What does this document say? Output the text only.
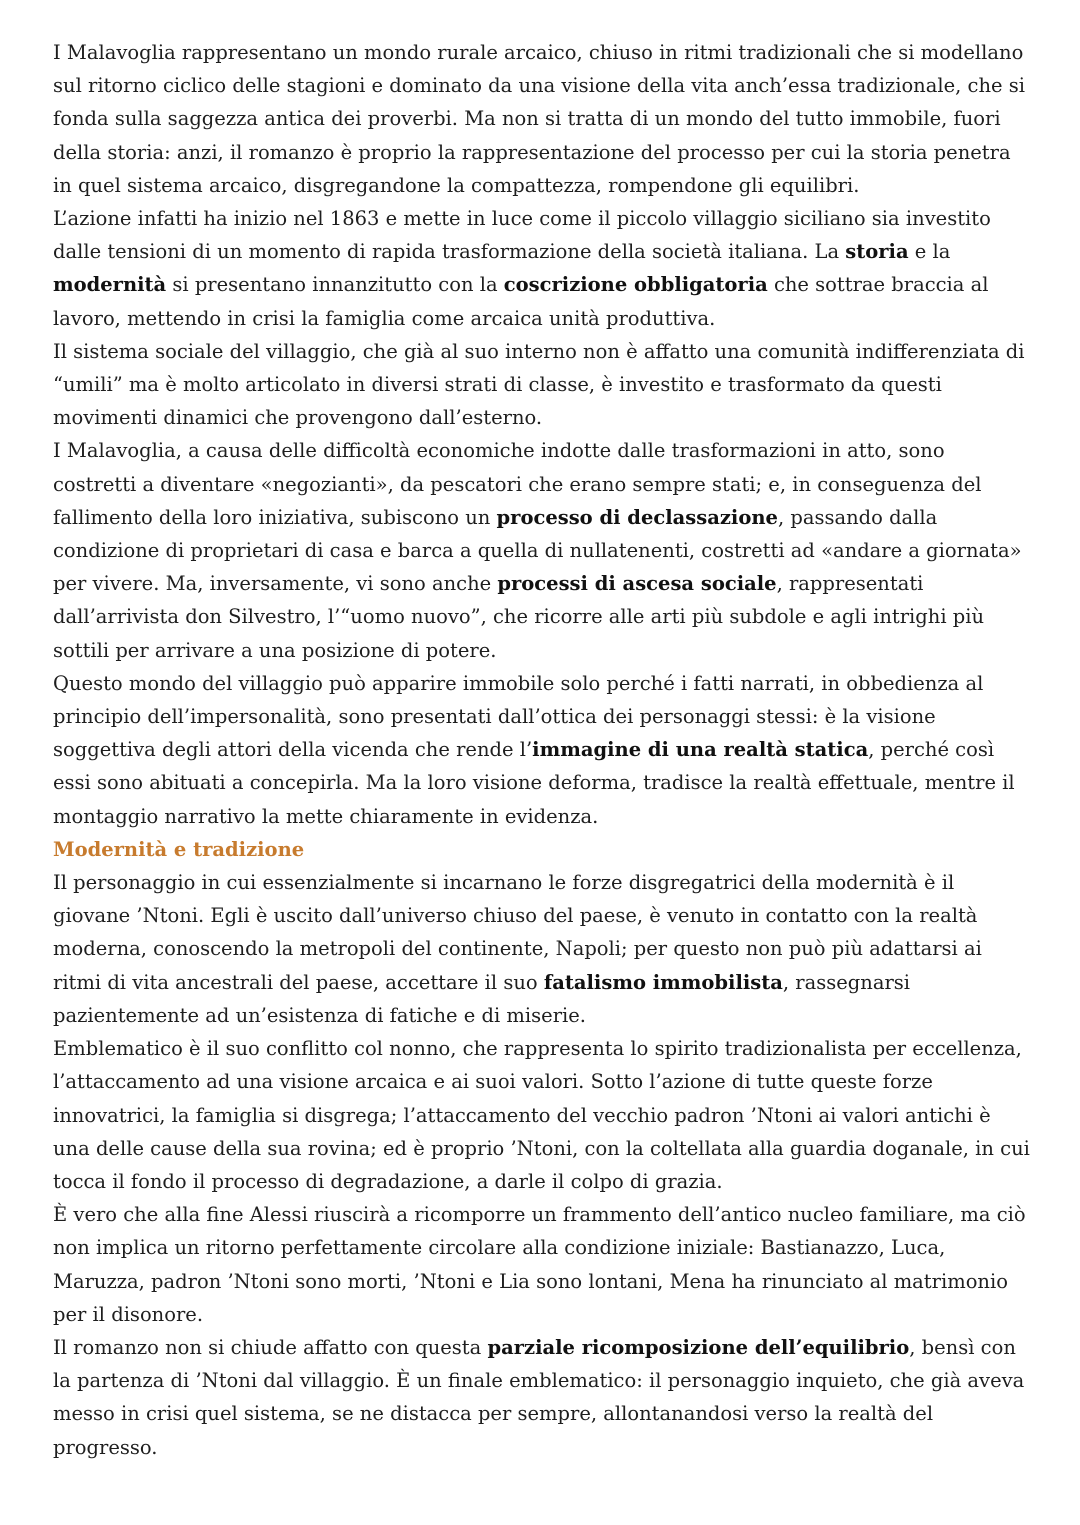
I Malavoglia rappresentano un mondo rurale arcaico, chiuso in ritmi tradizionali che si modellano sul ritorno ciclico delle stagioni e dominato da una visione della vita anch’essa tradizionale, che si fonda sulla saggezza antica dei proverbi. Ma non si tratta di un mondo del tutto immobile, fuori della storia: anzi, il romanzo è proprio la rappresentazione del processo per cui la storia penetra in quel sistema arcaico, disgregandone la compattezza, rompendone gli equilibri.

L’azione infatti ha inizio nel 1863 e mette in luce come il piccolo villaggio siciliano sia investito dalle tensioni di un momento di rapida trasformazione della società italiana. La storia e la modernità si presentano innanzitutto con la coscrizione obbligatoria che sottrae braccia al lavoro, mettendo in crisi la famiglia come arcaica unità produttiva.

Il sistema sociale del villaggio, che già al suo interno non è affatto una comunità indifferenziata di “umili” ma è molto articolato in diversi strati di classe, è investito e trasformato da questi movimenti dinamici che provengono dall’esterno.

I Malavoglia, a causa delle difficoltà economiche indotte dalle trasformazioni in atto, sono costretti a diventare «negozianti», da pescatori che erano sempre stati; e, in conseguenza del fallimento della loro iniziativa, subiscono un processo di declassazione, passando dalla condizione di proprietari di casa e barca a quella di nullatenenti, costretti ad «andare a giornata» per vivere. Ma, inversamente, vi sono anche processi di ascesa sociale, rappresentati dall’arrivista don Silvestro, l’“uomo nuovo”, che ricorre alle arti più subdole e agli intrighi più sottili per arrivare a una posizione di potere.

Questo mondo del villaggio può apparire immobile solo perché i fatti narrati, in obbedienza al principio dell’impersonalità, sono presentati dall’ottica dei personaggi stessi: è la visione soggettiva degli attori della vicenda che rende l’immagine di una realtà statica, perché così essi sono abituati a concepirla. Ma la loro visione deforma, tradisce la realtà effettuale, mentre il montaggio narrativo la mette chiaramente in evidenza.

Modernità e tradizione

Il personaggio in cui essenzialmente si incarnano le forze disgregatrici della modernità è il giovane ’Ntoni. Egli è uscito dall’universo chiuso del paese, è venuto in contatto con la realtà moderna, conoscendo la metropoli del continente, Napoli; per questo non può più adattarsi ai ritmi di vita ancestrali del paese, accettare il suo fatalismo immobilista, rassegnarsi pazientemente ad un’esistenza di fatiche e di miserie.

Emblematico è il suo conflitto col nonno, che rappresenta lo spirito tradizionalista per eccellenza, l’attaccamento ad una visione arcaica e ai suoi valori. Sotto l’azione di tutte queste forze innovatrici, la famiglia si disgrega; l’attaccamento del vecchio padron ’Ntoni ai valori antichi è una delle cause della sua rovina; ed è proprio ’Ntoni, con la coltellata alla guardia doganale, in cui tocca il fondo il processo di degradazione, a darle il colpo di grazia.

È vero che alla fine Alessi riuscirà a ricomporre un frammento dell’antico nucleo familiare, ma ciò non implica un ritorno perfettamente circolare alla condizione iniziale: Bastianazzo, Luca, Maruzza, padron ’Ntoni sono morti, ’Ntoni e Lia sono lontani, Mena ha rinunciato al matrimonio per il disonore.

Il romanzo non si chiude affatto con questa parziale ricomposizione dell’equilibrio, bensì con la partenza di ’Ntoni dal villaggio. È un finale emblematico: il personaggio inquieto, che già aveva messo in crisi quel sistema, se ne distacca per sempre, allontanandosi verso la realtà del progresso.
